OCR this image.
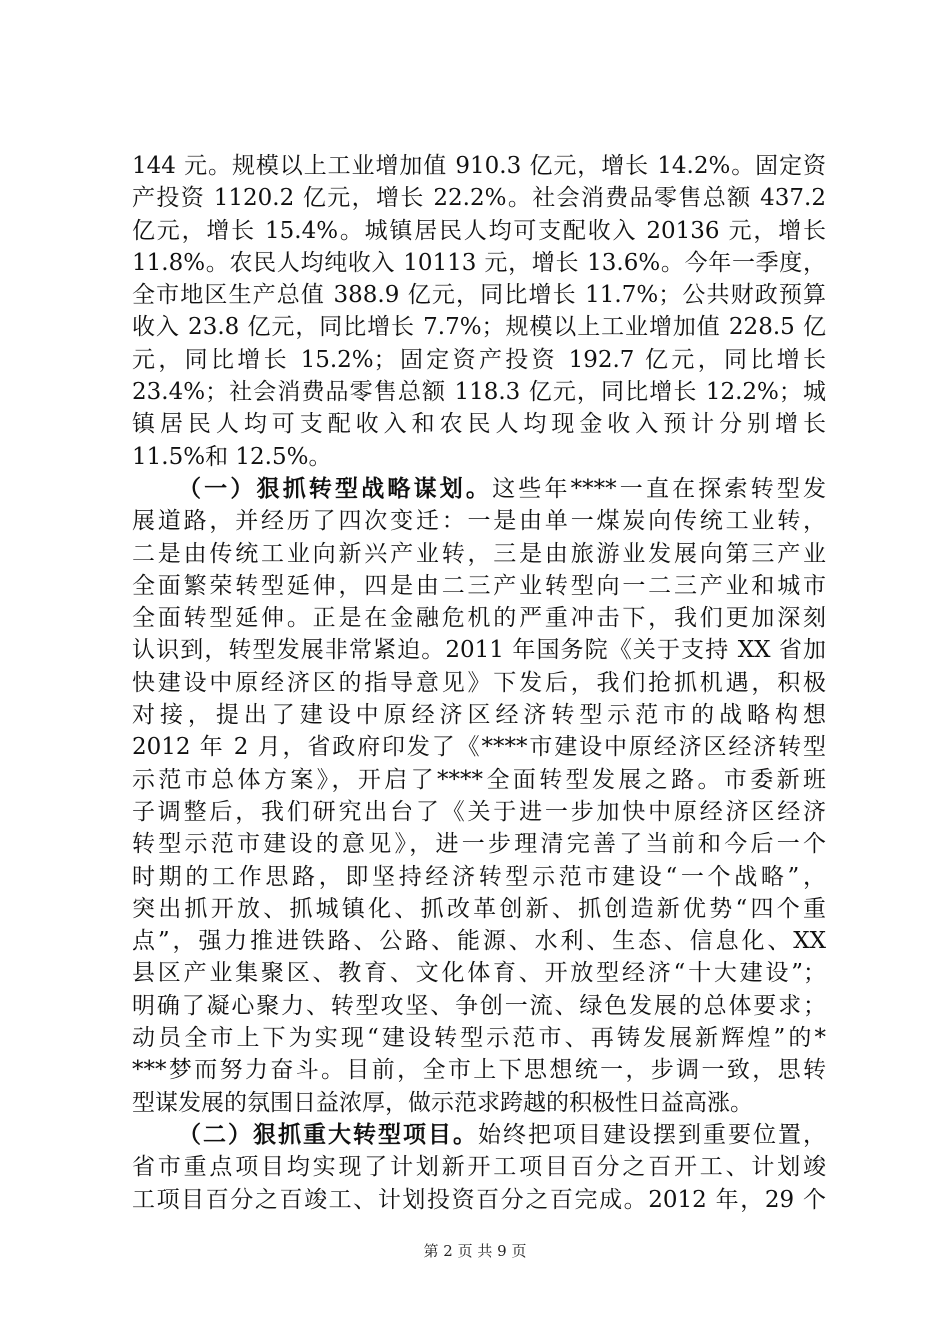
144 元。规模以上工业增加值 910.3 亿元，增长 14.2%。固定资
产投资 1120.2 亿元，增长 22.2%。社会消费品零售总额 437.2
亿元，增长 15.4%。城镇居民人均可支配收入 20136 元，增长
11.8%。农民人均纯收入 10113 元，增长 13.6%。今年一季度，
全市地区生产总值 388.9 亿元，同比增长 11.7%；公共财政预算
收入 23.8 亿元，同比增长 7.7%；规模以上工业增加值 228.5 亿
元，同比增长 15.2%；固定资产投资 192.7 亿元，同比增长
23.4%；社会消费品零售总额 118.3 亿元，同比增长 12.2%；城
镇居民人均可支配收入和农民人均现金收入预计分别增长
11.5%和 12.5%。
（一）狠抓转型战略谋划。这些年****一直在探索转型发
展道路，并经历了四次变迁：一是由单一煤炭向传统工业转，
二是由传统工业向新兴产业转，三是由旅游业发展向第三产业
全面繁荣转型延伸，四是由二三产业转型向一二三产业和城市
全面转型延伸。正是在金融危机的严重冲击下，我们更加深刻
认识到，转型发展非常紧迫。2011 年国务院《关于支持 XX 省加
快建设中原经济区的指导意见》下发后，我们抢抓机遇，积极
对接，提出了建设中原经济区经济转型示范市的战略构想
2012 年 2 月，省政府印发了《****市建设中原经济区经济转型
示范市总体方案》，开启了****全面转型发展之路。市委新班
子调整后，我们研究出台了《关于进一步加快中原经济区经济
转型示范市建设的意见》，进一步理清完善了当前和今后一个
时期的工作思路，即坚持经济转型示范市建设“一个战略”，
突出抓开放、抓城镇化、抓改革创新、抓创造新优势“四个重
点”，强力推进铁路、公路、能源、水利、生态、信息化、XX
县区产业集聚区、教育、文化体育、开放型经济“十大建设”；
明确了凝心聚力、转型攻坚、争创一流、绿色发展的总体要求；
动员全市上下为实现“建设转型示范市、再铸发展新辉煌”的*
***梦而努力奋斗。目前，全市上下思想统一，步调一致，思转
型谋发展的氛围日益浓厚，做示范求跨越的积极性日益高涨。
（二）狠抓重大转型项目。始终把项目建设摆到重要位置，
省市重点项目均实现了计划新开工项目百分之百开工、计划竣
工项目百分之百竣工、计划投资百分之百完成。2012 年，29 个
第 2 页 共 9 页
